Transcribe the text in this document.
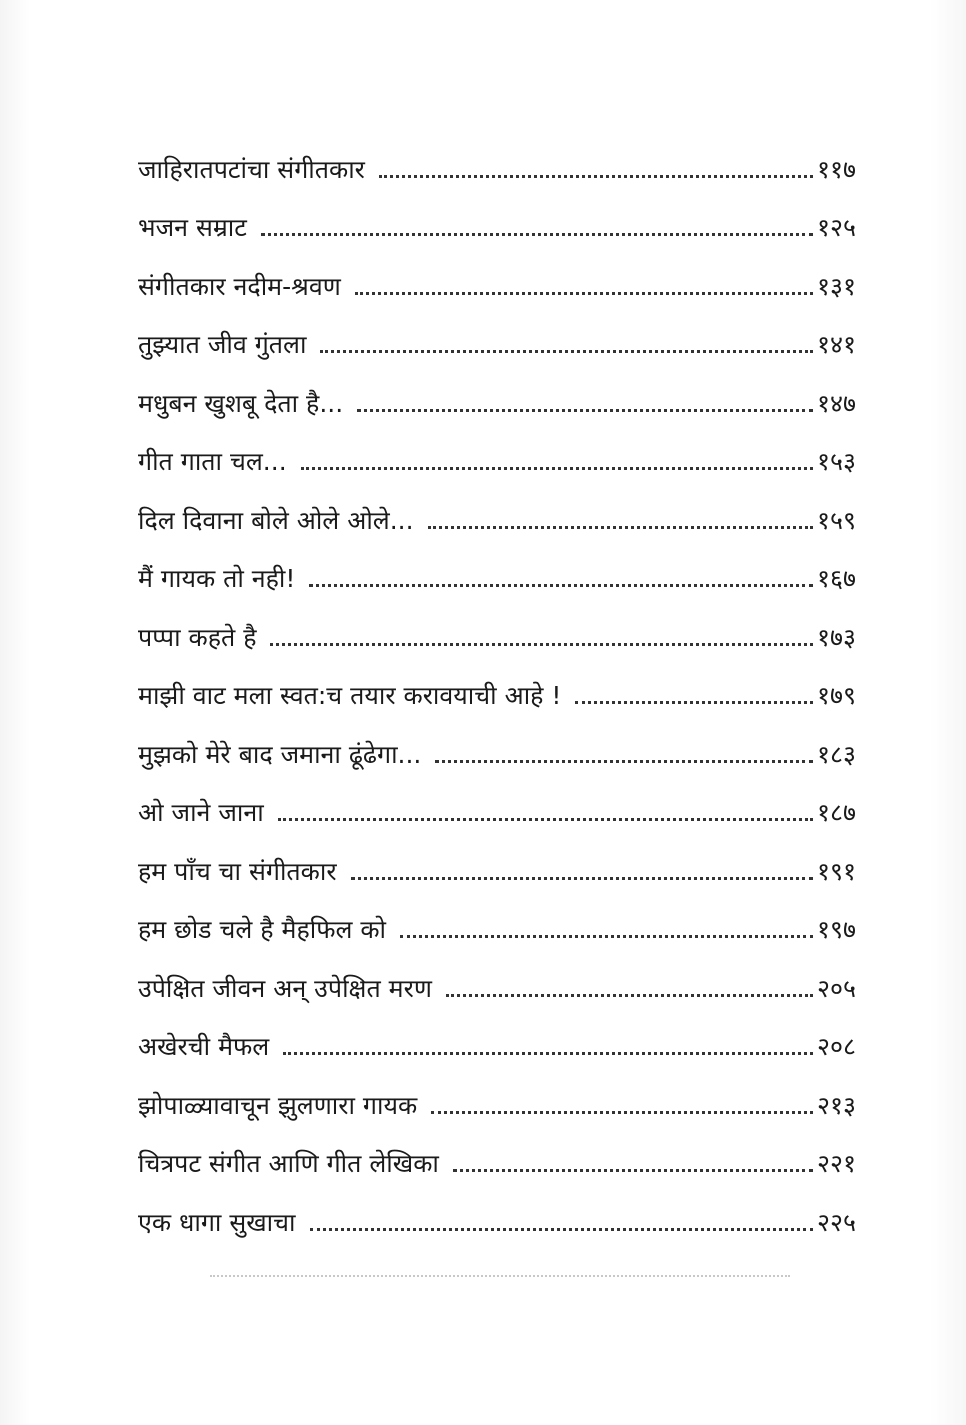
जाहिरातपटांचा संगीतकार	११७
भजन सम्राट	१२५
संगीतकार नदीम-श्रवण	१३१
तुझ्यात जीव गुंतला	१४१
मधुबन खुशबू देता है...	१४७
गीत गाता चल...	१५३
दिल दिवाना बोले ओले ओले...	१५९
मैं गायक तो नही!	१६७
पप्पा कहते है	१७३
माझी वाट मला स्वत:च तयार करावयाची आहे !	१७९
मुझको मेरे बाद जमाना ढूंढेगा...	१८३
ओ जाने जाना	१८७
हम पाँच चा संगीतकार	१९१
हम छोड चले है मैहफिल को	१९७
उपेक्षित जीवन अन् उपेक्षित मरण	२०५
अखेरची मैफल	२०८
झोपाळ्यावाचून झुलणारा गायक	२१३
चित्रपट संगीत आणि गीत लेखिका	२२१
एक धागा सुखाचा	२२५
